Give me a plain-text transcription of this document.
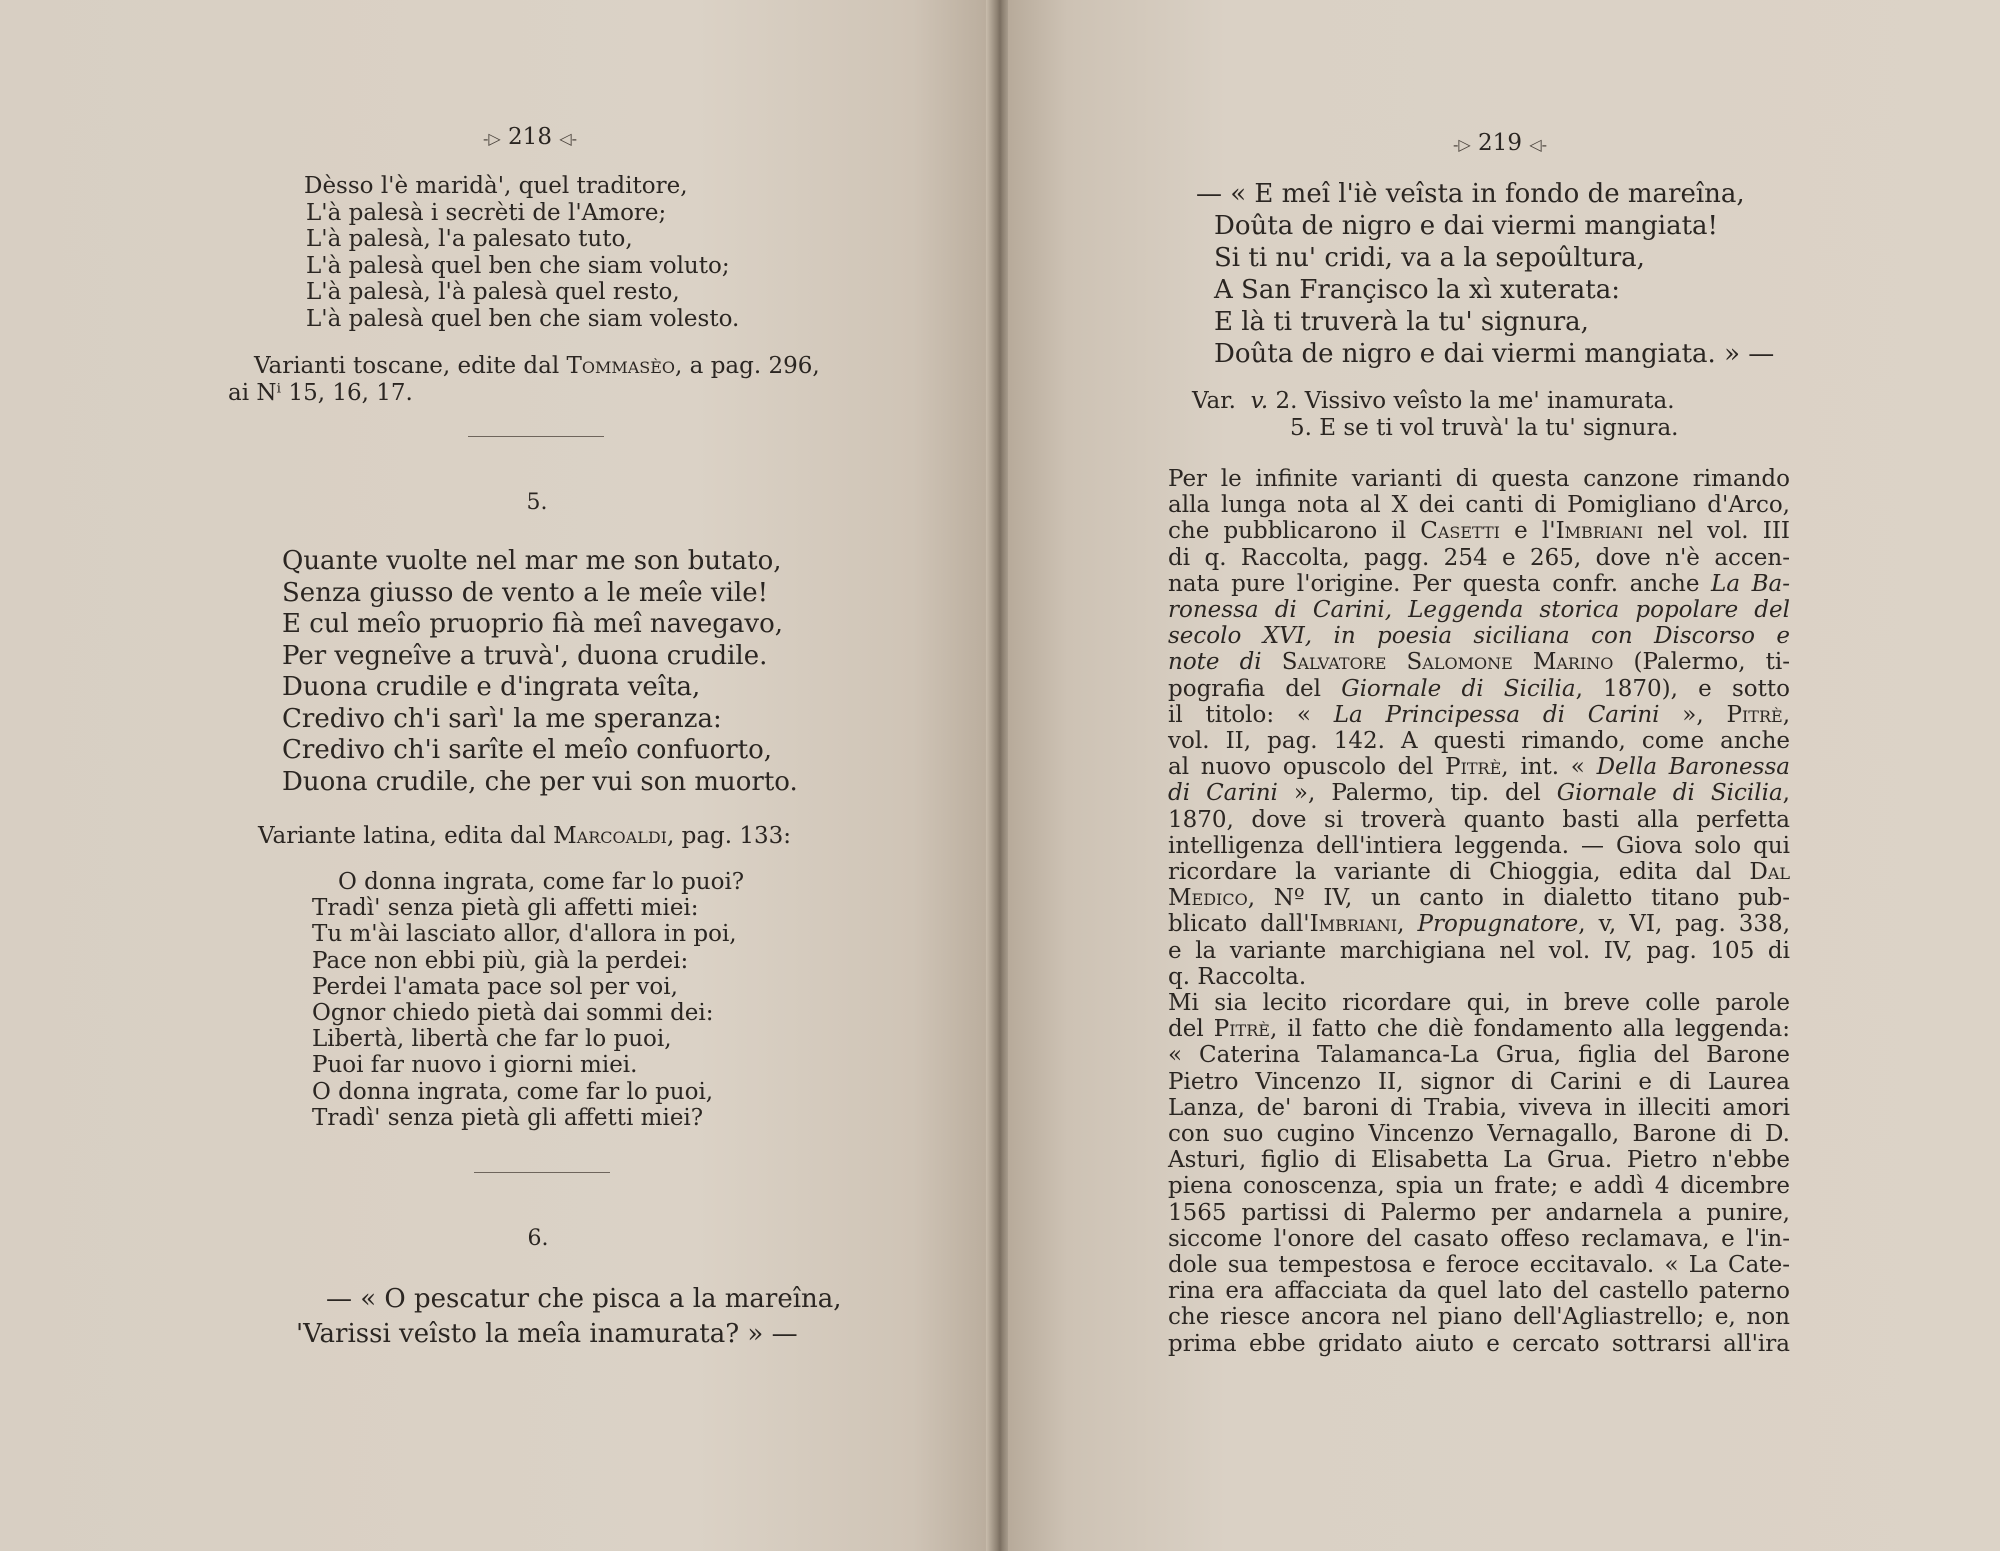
-▷ 218 ◁-
Dèsso l'è maridà', quel traditore,
L'à palesà i secrèti de l'Amore;
L'à palesà, l'a palesato tuto,
L'à palesà quel ben che siam voluto;
L'à palesà, l'à palesà quel resto,
L'à palesà quel ben che siam volesto.
Varianti toscane, edite dal Tommasèo, a pag. 296,
ai Nⁱ 15, 16, 17.
5.
Quante vuolte nel mar me son butato,
Senza giusso de vento a le meîe vile!
E cul meîo pruoprio fià meî navegavo,
Per vegneîve a truvà', duona crudile.
Duona crudile e d'ingrata veîta,
Credivo ch'i sarì' la me speranza:
Credivo ch'i sarîte el meîo confuorto,
Duona crudile, che per vui son muorto.
Variante latina, edita dal Marcoaldi, pag. 133:
O donna ingrata, come far lo puoi?
Tradì' senza pietà gli affetti miei:
Tu m'ài lasciato allor, d'allora in poi,
Pace non ebbi più, già la perdei:
Perdei l'amata pace sol per voi,
Ognor chiedo pietà dai sommi dei:
Libertà, libertà che far lo puoi,
Puoi far nuovo i giorni miei.
O donna ingrata, come far lo puoi,
Tradì' senza pietà gli affetti miei?
6.
— « O pescatur che pisca a la mareîna,
'Varissi veîsto la meîa inamurata? » —
-▷ 219 ◁-
— « E meî l'iè veîsta in fondo de mareîna,
Doûta de nigro e dai viermi mangiata!
Si ti nu' cridi, va a la sepoûltura,
A San Françisco la xì xuterata:
E là ti truverà la tu' signura,
Doûta de nigro e dai viermi mangiata. » —
Var. v. 2. Vissivo veîsto la me' inamurata.
5. E se ti vol truvà' la tu' signura.
Per le infinite varianti di questa canzone rimando
alla lunga nota al X dei canti di Pomigliano d'Arco,
che pubblicarono il Casetti e l'Imbriani nel vol. III
di q. Raccolta, pagg. 254 e 265, dove n'è accen-
nata pure l'origine. Per questa confr. anche La Ba-
ronessa di Carini, Leggenda storica popolare del
secolo XVI, in poesia siciliana con Discorso e
note di Salvatore Salomone Marino (Palermo, ti-
pografia del Giornale di Sicilia, 1870), e sotto
il titolo: « La Principessa di Carini », Pitrè,
vol. II, pag. 142. A questi rimando, come anche
al nuovo opuscolo del Pitrè, int. « Della Baronessa
di Carini », Palermo, tip. del Giornale di Sicilia,
1870, dove si troverà quanto basti alla perfetta
intelligenza dell'intiera leggenda. — Giova solo qui
ricordare la variante di Chioggia, edita dal Dal
Medico, Nº IV, un canto in dialetto titano pub-
blicato dall'Imbriani, Propugnatore, v, VI, pag. 338,
e la variante marchigiana nel vol. IV, pag. 105 di
q. Raccolta.
Mi sia lecito ricordare qui, in breve colle parole
del Pitrè, il fatto che diè fondamento alla leggenda:
« Caterina Talamanca-La Grua, figlia del Barone
Pietro Vincenzo II, signor di Carini e di Laurea
Lanza, de' baroni di Trabia, viveva in illeciti amori
con suo cugino Vincenzo Vernagallo, Barone di D.
Asturi, figlio di Elisabetta La Grua. Pietro n'ebbe
piena conoscenza, spia un frate; e addì 4 dicembre
1565 partissi di Palermo per andarnela a punire,
siccome l'onore del casato offeso reclamava, e l'in-
dole sua tempestosa e feroce eccitavalo. « La Cate-
rina era affacciata da quel lato del castello paterno
che riesce ancora nel piano dell'Agliastrello; e, non
prima ebbe gridato aiuto e cercato sottrarsi all'ira
